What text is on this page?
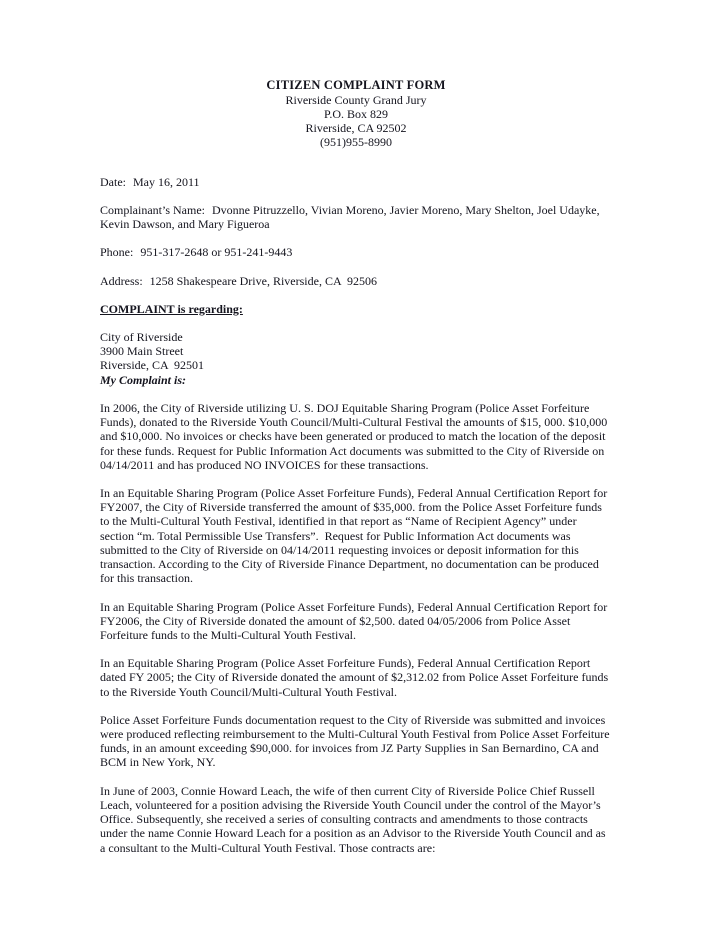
CITIZEN COMPLAINT FORM

Riverside County Grand Jury

P.O. Box 829

Riverside, CA 92502

(951)955-8990

Date: May 16, 2011

Complainant’s Name: Dvonne Pitruzzello, Vivian Moreno, Javier Moreno, Mary Shelton, Joel Udayke, Kevin Dawson, and Mary Figueroa

Phone: 951-317-2648 or 951-241-9443

Address: 1258 Shakespeare Drive, Riverside, CA  92506

COMPLAINT is regarding:

City of Riverside

3900 Main Street

Riverside, CA  92501

My Complaint is:

In 2006, the City of Riverside utilizing U. S. DOJ Equitable Sharing Program (Police Asset Forfeiture Funds), donated to the Riverside Youth Council/Multi-Cultural Festival the amounts of $15, 000. $10,000 and $10,000. No invoices or checks have been generated or produced to match the location of the deposit for these funds. Request for Public Information Act documents was submitted to the City of Riverside on 04/14/2011 and has produced NO INVOICES for these transactions.

In an Equitable Sharing Program (Police Asset Forfeiture Funds), Federal Annual Certification Report for FY2007, the City of Riverside transferred the amount of $35,000. from the Police Asset Forfeiture funds to the Multi-Cultural Youth Festival, identified in that report as “Name of Recipient Agency” under section “m. Total Permissible Use Transfers”.  Request for Public Information Act documents was submitted to the City of Riverside on 04/14/2011 requesting invoices or deposit information for this transaction. According to the City of Riverside Finance Department, no documentation can be produced for this transaction.

In an Equitable Sharing Program (Police Asset Forfeiture Funds), Federal Annual Certification Report for FY2006, the City of Riverside donated the amount of $2,500. dated 04/05/2006 from Police Asset Forfeiture funds to the Multi-Cultural Youth Festival.

In an Equitable Sharing Program (Police Asset Forfeiture Funds), Federal Annual Certification Report dated FY 2005; the City of Riverside donated the amount of $2,312.02 from Police Asset Forfeiture funds to the Riverside Youth Council/Multi-Cultural Youth Festival.

Police Asset Forfeiture Funds documentation request to the City of Riverside was submitted and invoices were produced reflecting reimbursement to the Multi-Cultural Youth Festival from Police Asset Forfeiture funds, in an amount exceeding $90,000. for invoices from JZ Party Supplies in San Bernardino, CA and BCM in New York, NY.

In June of 2003, Connie Howard Leach, the wife of then current City of Riverside Police Chief Russell Leach, volunteered for a position advising the Riverside Youth Council under the control of the Mayor’s Office. Subsequently, she received a series of consulting contracts and amendments to those contracts under the name Connie Howard Leach for a position as an Advisor to the Riverside Youth Council and as a consultant to the Multi-Cultural Youth Festival. Those contracts are:
